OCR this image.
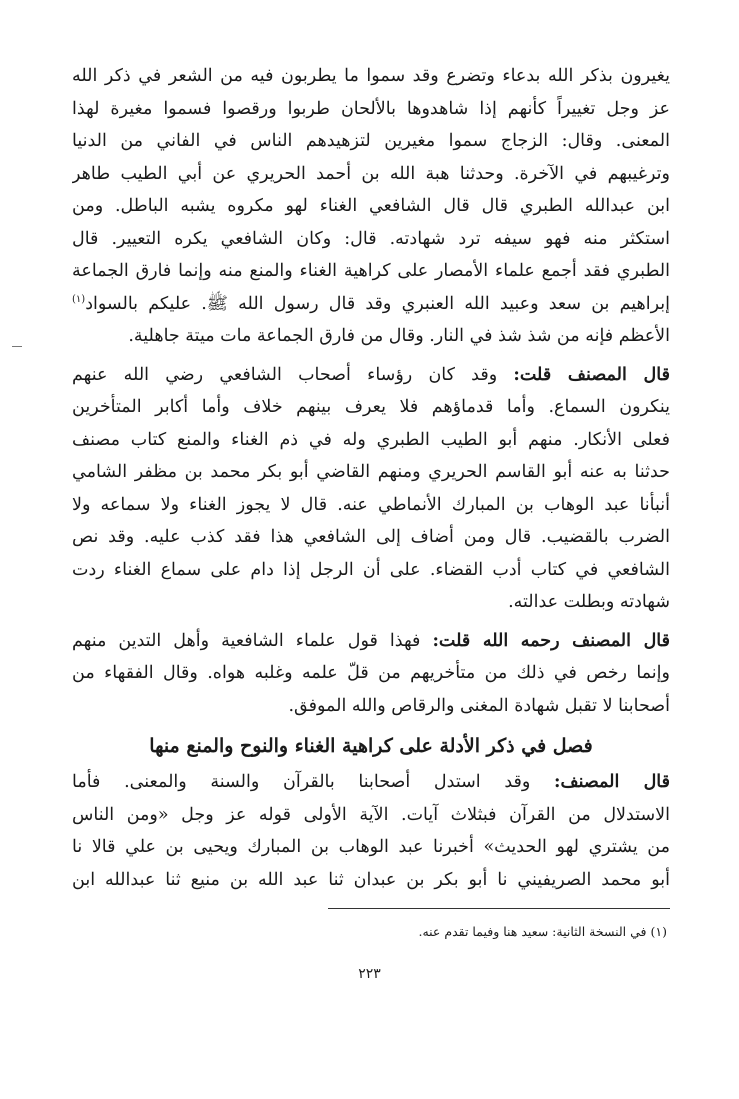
يغيرون بذكر الله بدعاء وتضرع وقد سموا ما يطربون فيه من الشعر في ذكر الله
عز وجل تغييراً كأنهم إذا شاهدوها بالألحان طربوا ورقصوا فسموا مغيرة لهذا
المعنى. وقال: الزجاج سموا مغيرين لتزهيدهم الناس في الفاني من الدنيا
وترغيبهم في الآخرة. وحدثنا هبة الله بن أحمد الحريري عن أبي الطيب طاهر
ابن عبدالله الطبري قال قال الشافعي الغناء لهو مكروه يشبه الباطل. ومن
استكثر منه فهو سيفه ترد شهادته. قال: وكان الشافعي يكره التعيير. قال
الطبري فقد أجمع علماء الأمصار على كراهية الغناء والمنع منه وإنما فارق الجماعة
إبراهيم بن سعد وعبيد الله العنبري وقد قال رسول الله ﷺ. عليكم بالسواد$^{(١)}$
الأعظم فإنه من شذ شذ في النار. وقال من فارق الجماعة مات ميتة جاهلية.
قال المصنف قلت: وقد كان رؤساء أصحاب الشافعي رضي الله عنهم
ينكرون السماع. وأما قدماؤهم فلا يعرف بينهم خلاف وأما أكابر المتأخرين
فعلى الأنكار. منهم أبو الطيب الطبري وله في ذم الغناء والمنع كتاب مصنف
حدثنا به عنه أبو القاسم الحريري ومنهم القاضي أبو بكر محمد بن مظفر الشامي
أنبأنا عبد الوهاب بن المبارك الأنماطي عنه. قال لا يجوز الغناء ولا سماعه ولا
الضرب بالقضيب. قال ومن أضاف إلى الشافعي هذا فقد كذب عليه. وقد نص
الشافعي في كتاب أدب القضاء. على أن الرجل إذا دام على سماع الغناء ردت
شهادته وبطلت عدالته.
قال المصنف رحمه الله قلت: فهذا قول علماء الشافعية وأهل التدين منهم
وإنما رخص في ذلك من متأخريهم من قلّ علمه وغلبه هواه. وقال الفقهاء من
أصحابنا لا تقبل شهادة المغنى والرقاص والله الموفق.
فصل في ذكر الأدلة على كراهية الغناء والنوح والمنع منها
قال المصنف: وقد استدل أصحابنا بالقرآن والسنة والمعنى. فأما
الاستدلال من القرآن فبثلاث آيات. الآية الأولى قوله عز وجل «ومن الناس
من يشتري لهو الحديث» أخبرنا عبد الوهاب بن المبارك ويحيى بن علي قالا نا
أبو محمد الصريفيني نا أبو بكر بن عبدان ثنا عبد الله بن منيع ثنا عبدالله ابن
(١) في النسخة الثانية: سعيد هنا وفيما تقدم عنه.
٢٢٣
